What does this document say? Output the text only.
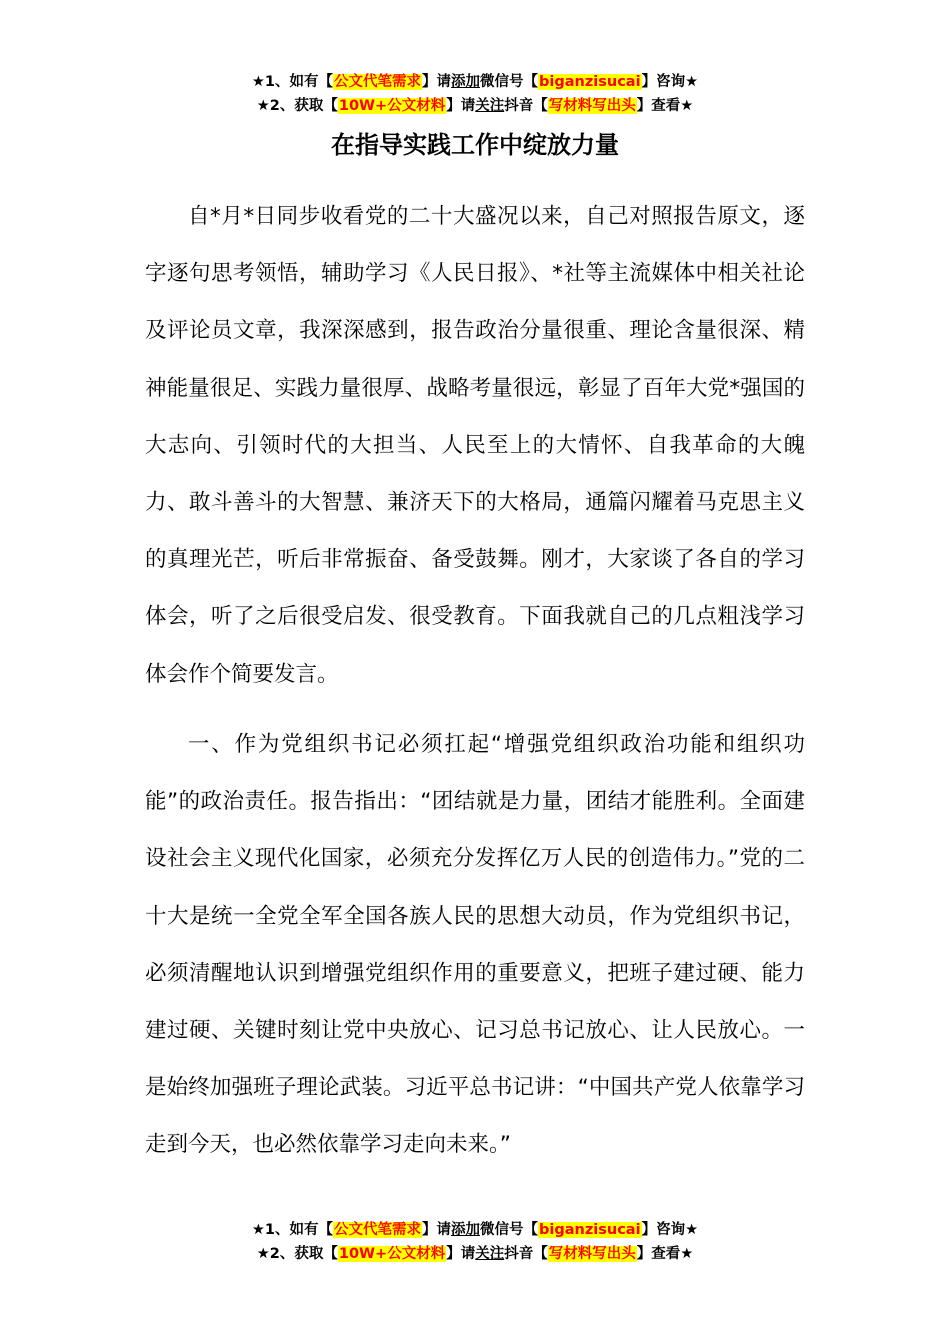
★1、如有【公文代笔需求】请添加微信号【biganzisucai】咨询★
★2、获取【10W+公文材料】请关注抖音【写材料写出头】查看★
在指导实践工作中绽放力量

自*月*日同步收看党的二十大盛况以来，自己对照报告原文，逐字逐句思考领悟，辅助学习《人民日报》、*社等主流媒体中相关社论及评论员文章，我深深感到，报告政治分量很重、理论含量很深、精神能量很足、实践力量很厚、战略考量很远，彰显了百年大党*强国的大志向、引领时代的大担当、人民至上的大情怀、自我革命的大魄力、敢斗善斗的大智慧、兼济天下的大格局，通篇闪耀着马克思主义的真理光芒，听后非常振奋、备受鼓舞。刚才，大家谈了各自的学习体会，听了之后很受启发、很受教育。下面我就自己的几点粗浅学习体会作个简要发言。

一、作为党组织书记必须扛起“增强党组织政治功能和组织功能”的政治责任。报告指出：“团结就是力量，团结才能胜利。全面建设社会主义现代化国家，必须充分发挥亿万人民的创造伟力。”党的二十大是统一全党全军全国各族人民的思想大动员，作为党组织书记，必须清醒地认识到增强党组织作用的重要意义，把班子建过硬、能力建过硬、关键时刻让党中央放心、记习总书记放心、让人民放心。一是始终加强班子理论武装。习近平总书记讲：“中国共产党人依靠学习走到今天，也必然依靠学习走向未来。”

★1、如有【公文代笔需求】请添加微信号【biganzisucai】咨询★
★2、获取【10W+公文材料】请关注抖音【写材料写出头】查看★
